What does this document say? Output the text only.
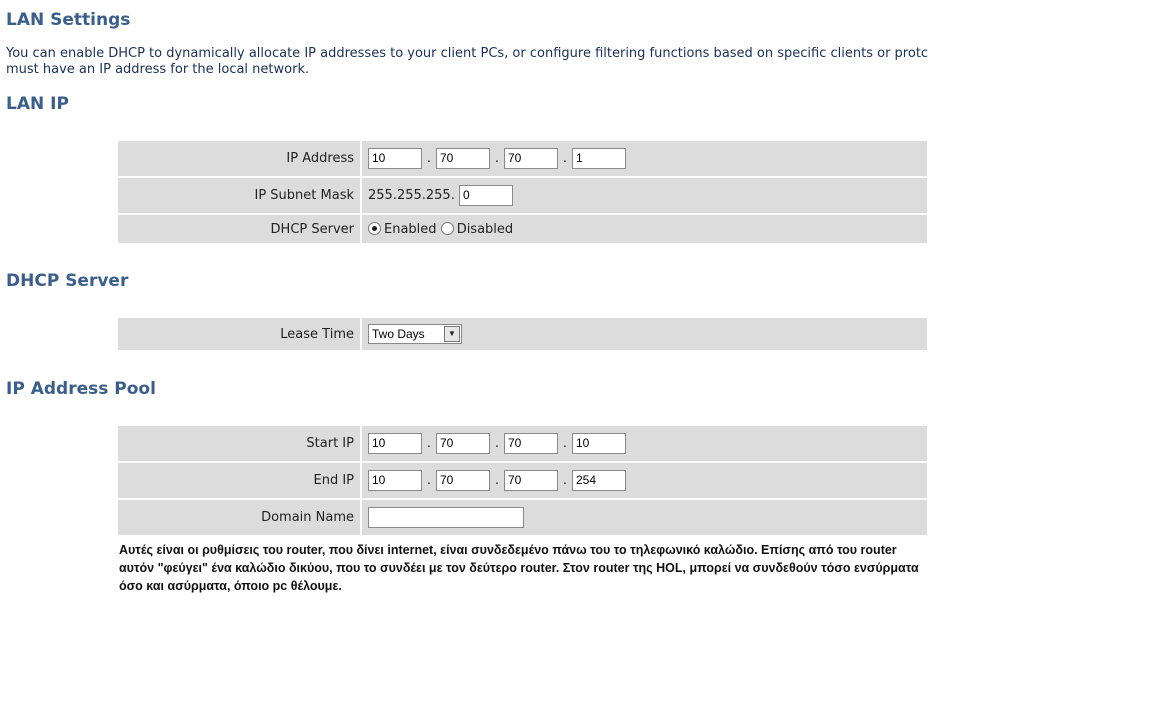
LAN Settings
You can enable DHCP to dynamically allocate IP addresses to your client PCs, or configure filtering functions based on specific clients or protc
must have an IP address for the local network.
LAN IP
IP Address	10 . 70 . 70 . 1
IP Subnet Mask	255.255.255. 0
DHCP Server	Enabled Disabled
DHCP Server
Lease Time	Two Days	▼
IP Address Pool
Start IP	10 . 70 . 70 . 10
End IP	10 . 70 . 70 . 254
Domain Name	
Αυτές είναι οι ρυθμίσεις του router, που δίνει internet, είναι συνδεδεμένο πάνω του το τηλεφωνικό καλώδιο. Επίσης από του router αυτόν "φεύγει" ένα καλώδιο δικύου, που το συνδέει με τον δεύτερο router. Στον router της HOL, μπορεί να συνδεθούν τόσο ενσύρματα όσο και ασύρματα, όποιο pc θέλουμε.
